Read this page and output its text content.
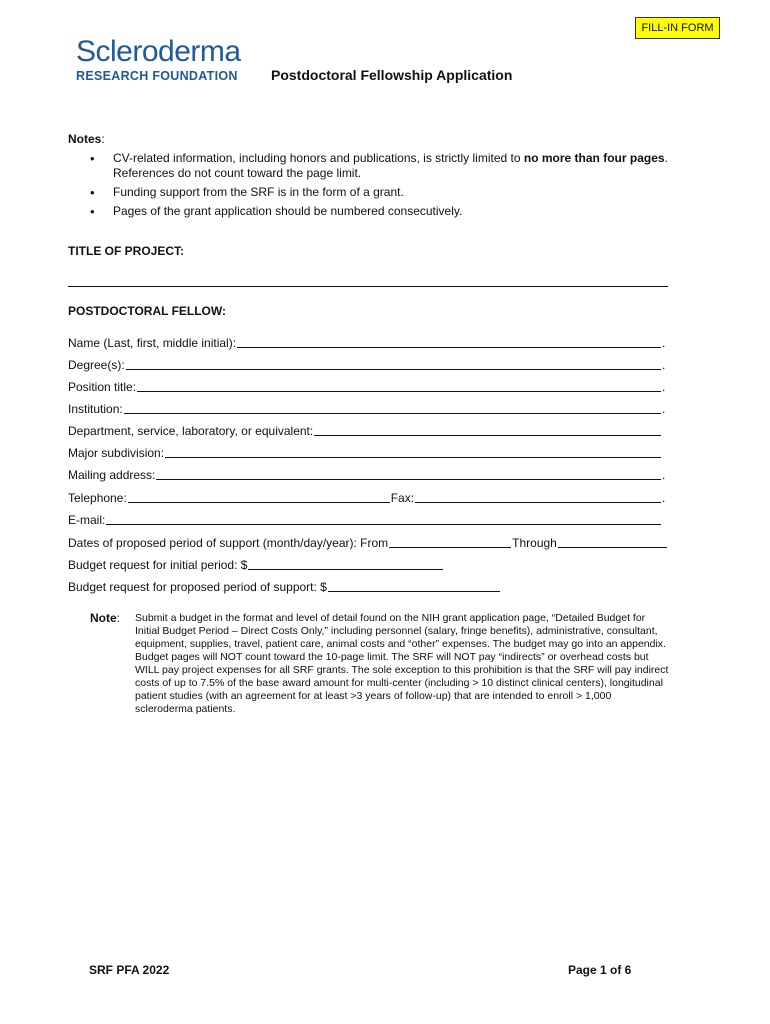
FILL-IN FORM
Scleroderma
RESEARCH FOUNDATION Postdoctoral Fellowship Application
Notes:
• CV-related information, including honors and publications, is strictly limited to no more than four pages. References do not count toward the page limit.
• Funding support from the SRF is in the form of a grant.
• Pages of the grant application should be numbered consecutively.
TITLE OF PROJECT:
POSTDOCTORAL FELLOW:
Name (Last, first, middle initial):	.
Degree(s):	.
Position title:	.
Institution:	.
Department, service, laboratory, or equivalent:
Major subdivision:
Mailing address:	.
Telephone:	Fax:	.
E-mail:
Dates of proposed period of support (month/day/year): From	Through
Budget request for initial period: $
Budget request for proposed period of support: $
Note: Submit a budget in the format and level of detail found on the NIH grant application page, “Detailed Budget for Initial Budget Period – Direct Costs Only,” including personnel (salary, fringe benefits), administrative, consultant, equipment, supplies, travel, patient care, animal costs and “other” expenses. The budget may go into an appendix. Budget pages will NOT count toward the 10-page limit. The SRF will NOT pay “indirects” or overhead costs but WILL pay project expenses for all SRF grants. The sole exception to this prohibition is that the SRF will pay indirect costs of up to 7.5% of the base award amount for multi-center (including > 10 distinct clinical centers), longitudinal patient studies (with an agreement for at least >3 years of follow-up) that are intended to enroll > 1,000 scleroderma patients.
SRF PFA 2022	Page 1 of 6
